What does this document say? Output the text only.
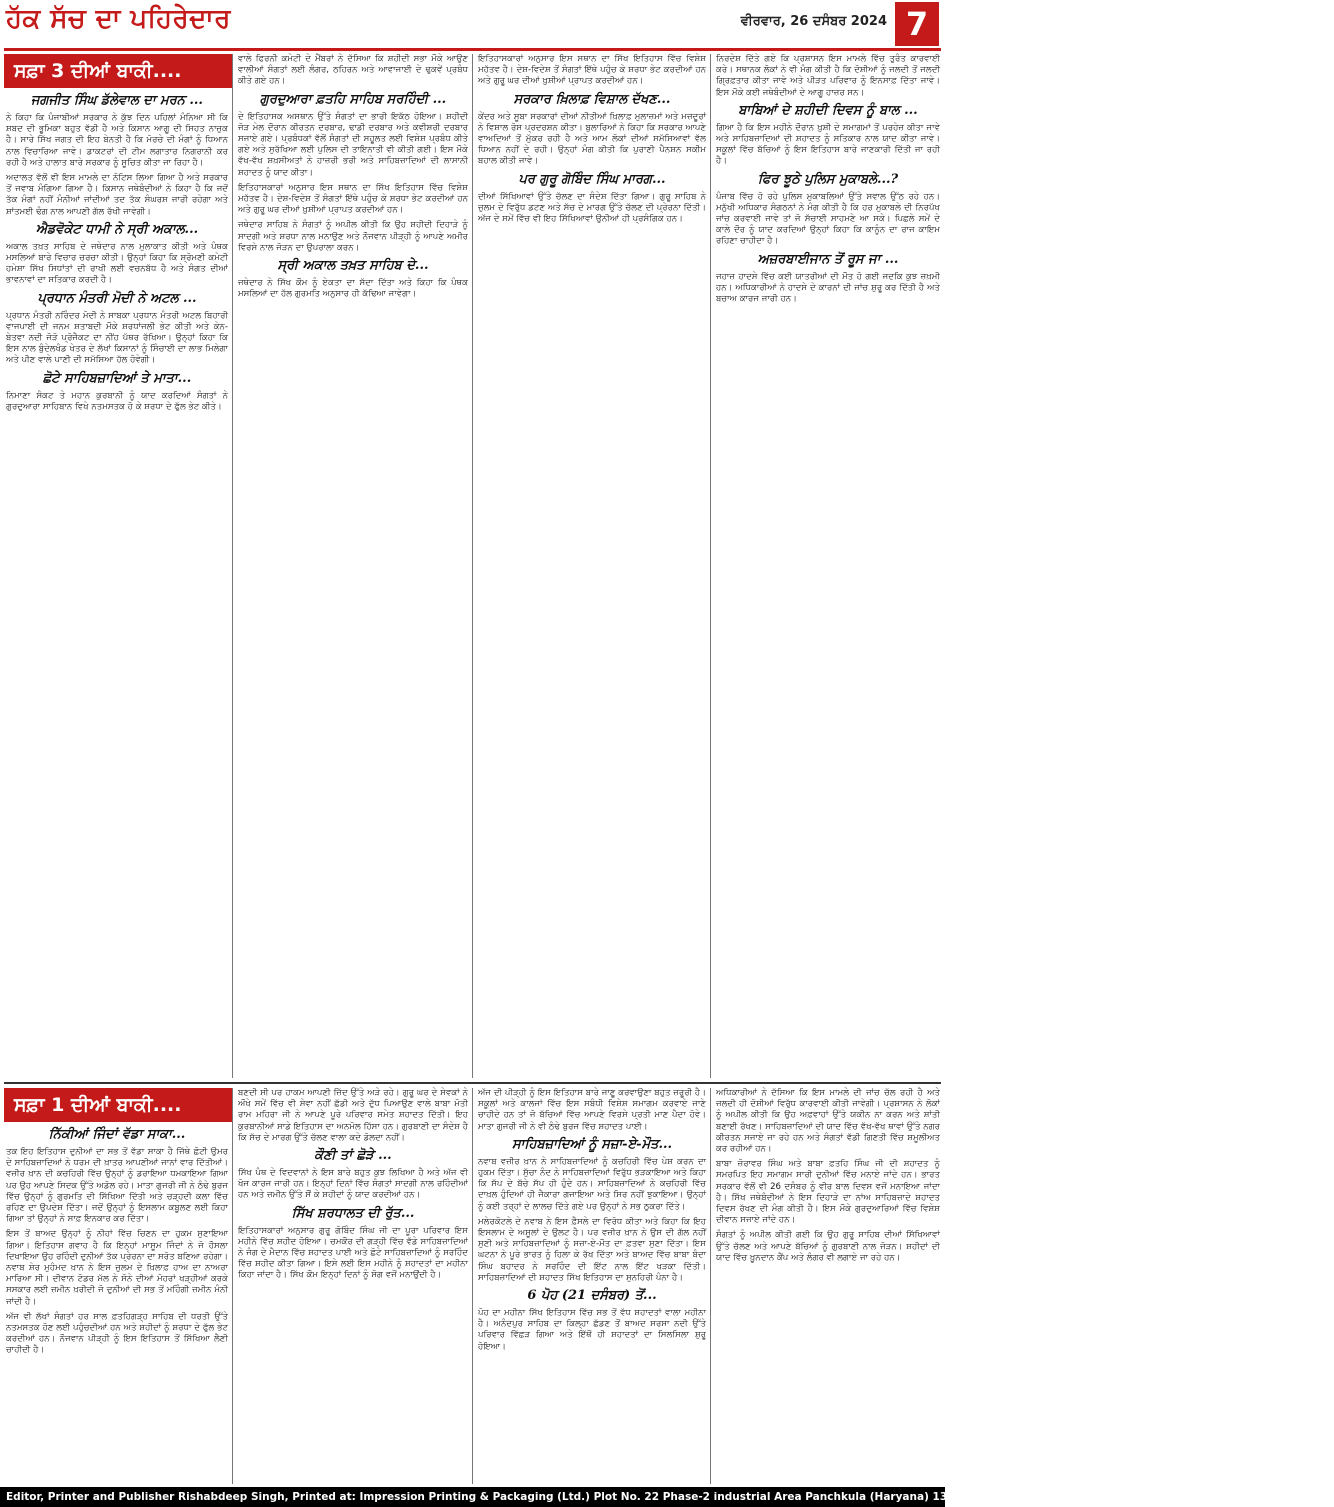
ਹੱਕ ਸੱਚ ਦਾ ਪਹਿਰੇਦਾਰ	ਵੀਰਵਾਰ, 26 ਦਸੰਬਰ 2024 7
ਸਫ਼ਾ 3 ਦੀਆਂ ਬਾਕੀ....
ਜਗਜੀਤ ਸਿੰਘ ਡੱਲੇਵਾਲ ਦਾ ਮਰਨ ...

ਨੇ ਕਿਹਾ ਕਿ ਪੰਜਾਬੀਆਂ ਸਰਕਾਰ ਨੇ ਕੁੱਝ ਦਿਨ ਪਹਿਲਾਂ ਮੰਨਿਆ ਸੀ ਕਿ ਸ਼ਬਦ ਦੀ ਭੂਮਿਕਾ ਬਹੁਤ ਵੱਡੀ ਹੈ ਅਤੇ ਕਿਸਾਨ ਆਗੂ ਦੀ ਸਿਹਤ ਨਾਜ਼ੁਕ ਹੈ। ਸਾਰੇ ਸਿੱਖ ਜਗਤ ਦੀ ਇਹ ਬੇਨਤੀ ਹੈ ਕਿ ਮੋਰਚੇ ਦੀ ਮੰਗਾਂ ਨੂੰ ਧਿਆਨ ਨਾਲ ਵਿਚਾਰਿਆ ਜਾਵੇ। ਡਾਕਟਰਾਂ ਦੀ ਟੀਮ ਲਗਾਤਾਰ ਨਿਗਰਾਨੀ ਕਰ ਰਹੀ ਹੈ ਅਤੇ ਹਾਲਾਤ ਬਾਰੇ ਸਰਕਾਰ ਨੂੰ ਸੂਚਿਤ ਕੀਤਾ ਜਾ ਰਿਹਾ ਹੈ।

ਅਦਾਲਤ ਵੱਲੋਂ ਵੀ ਇਸ ਮਾਮਲੇ ਦਾ ਨੋਟਿਸ ਲਿਆ ਗਿਆ ਹੈ ਅਤੇ ਸਰਕਾਰ ਤੋਂ ਜਵਾਬ ਮੰਗਿਆ ਗਿਆ ਹੈ। ਕਿਸਾਨ ਜਥੇਬੰਦੀਆਂ ਨੇ ਕਿਹਾ ਹੈ ਕਿ ਜਦੋਂ ਤੱਕ ਮੰਗਾਂ ਨਹੀਂ ਮੰਨੀਆਂ ਜਾਂਦੀਆਂ ਤਦ ਤੱਕ ਸੰਘਰਸ਼ ਜਾਰੀ ਰਹੇਗਾ ਅਤੇ ਸ਼ਾਂਤਮਈ ਢੰਗ ਨਾਲ ਆਪਣੀ ਗੱਲ ਰੱਖੀ ਜਾਵੇਗੀ।

ਐਡਵੋਕੇਟ ਧਾਮੀ ਨੇ ਸ੍ਰੀ ਅਕਾਲ...

ਅਕਾਲ ਤਖ਼ਤ ਸਾਹਿਬ ਦੇ ਜਥੇਦਾਰ ਨਾਲ ਮੁਲਾਕਾਤ ਕੀਤੀ ਅਤੇ ਪੰਥਕ ਮਸਲਿਆਂ ਬਾਰੇ ਵਿਚਾਰ ਚਰਚਾ ਕੀਤੀ। ਉਨ੍ਹਾਂ ਕਿਹਾ ਕਿ ਸ਼੍ਰੋਮਣੀ ਕਮੇਟੀ ਹਮੇਸ਼ਾ ਸਿੱਖ ਸਿਧਾਂਤਾਂ ਦੀ ਰਾਖੀ ਲਈ ਵਚਨਬੱਧ ਹੈ ਅਤੇ ਸੰਗਤ ਦੀਆਂ ਭਾਵਨਾਵਾਂ ਦਾ ਸਤਿਕਾਰ ਕਰਦੀ ਹੈ।

ਪ੍ਰਧਾਨ ਮੰਤਰੀ ਮੋਦੀ ਨੇ ਅਟਲ ...

ਪ੍ਰਧਾਨ ਮੰਤਰੀ ਨਰਿੰਦਰ ਮੋਦੀ ਨੇ ਸਾਬਕਾ ਪ੍ਰਧਾਨ ਮੰਤਰੀ ਅਟਲ ਬਿਹਾਰੀ ਵਾਜਪਾਈ ਦੀ ਜਨਮ ਸ਼ਤਾਬਦੀ ਮੌਕੇ ਸ਼ਰਧਾਂਜਲੀ ਭੇਟ ਕੀਤੀ ਅਤੇ ਕੇਨ-ਬੇਤਵਾ ਨਦੀ ਜੋੜੋ ਪ੍ਰੋਜੈਕਟ ਦਾ ਨੀਂਹ ਪੱਥਰ ਰੱਖਿਆ। ਉਨ੍ਹਾਂ ਕਿਹਾ ਕਿ ਇਸ ਨਾਲ ਬੁੰਦੇਲਖੰਡ ਖੇਤਰ ਦੇ ਲੱਖਾਂ ਕਿਸਾਨਾਂ ਨੂੰ ਸਿੰਚਾਈ ਦਾ ਲਾਭ ਮਿਲੇਗਾ ਅਤੇ ਪੀਣ ਵਾਲੇ ਪਾਣੀ ਦੀ ਸਮੱਸਿਆ ਹੱਲ ਹੋਵੇਗੀ।

ਛੋਟੇ ਸਾਹਿਬਜ਼ਾਦਿਆਂ ਤੇ ਮਾਤਾ...

ਨਿਮਾਣਾ ਸੰਕਟ ਤੇ ਮਹਾਨ ਕੁਰਬਾਨੀ ਨੂੰ ਯਾਦ ਕਰਦਿਆਂ ਸੰਗਤਾਂ ਨੇ ਗੁਰਦੁਆਰਾ ਸਾਹਿਬਾਨ ਵਿਖੇ ਨਤਮਸਤਕ ਹੋ ਕੇ ਸ਼ਰਧਾ ਦੇ ਫੁੱਲ ਭੇਟ ਕੀਤੇ।

ਵਾਲੇ ਫਿਰਨੀ ਕਮੇਟੀ ਦੇ ਮੈਂਬਰਾਂ ਨੇ ਦੱਸਿਆ ਕਿ ਸ਼ਹੀਦੀ ਸਭਾ ਮੌਕੇ ਆਉਣ ਵਾਲੀਆਂ ਸੰਗਤਾਂ ਲਈ ਲੰਗਰ, ਠਹਿਰਨ ਅਤੇ ਆਵਾਜਾਈ ਦੇ ਢੁਕਵੇਂ ਪ੍ਰਬੰਧ ਕੀਤੇ ਗਏ ਹਨ।

ਗੁਰਦੁਆਰਾ ਫ਼ਤਹਿ ਸਾਹਿਬ ਸਰਹਿੰਦੀ ...

ਦੇ ਇਤਿਹਾਸਕ ਅਸਥਾਨ ਉੱਤੇ ਸੰਗਤਾਂ ਦਾ ਭਾਰੀ ਇਕੱਠ ਹੋਇਆ। ਸ਼ਹੀਦੀ ਜੋੜ ਮੇਲ ਦੌਰਾਨ ਕੀਰਤਨ ਦਰਬਾਰ, ਢਾਡੀ ਦਰਬਾਰ ਅਤੇ ਕਵੀਸ਼ਰੀ ਦਰਬਾਰ ਸਜਾਏ ਗਏ। ਪ੍ਰਬੰਧਕਾਂ ਵੱਲੋਂ ਸੰਗਤਾਂ ਦੀ ਸਹੂਲਤ ਲਈ ਵਿਸ਼ੇਸ਼ ਪ੍ਰਬੰਧ ਕੀਤੇ ਗਏ ਅਤੇ ਸੁਰੱਖਿਆ ਲਈ ਪੁਲਿਸ ਦੀ ਤਾਇਨਾਤੀ ਵੀ ਕੀਤੀ ਗਈ। ਇਸ ਮੌਕੇ ਵੱਖ-ਵੱਖ ਸ਼ਖ਼ਸੀਅਤਾਂ ਨੇ ਹਾਜ਼ਰੀ ਭਰੀ ਅਤੇ ਸਾਹਿਬਜ਼ਾਦਿਆਂ ਦੀ ਲਾਸਾਨੀ ਸ਼ਹਾਦਤ ਨੂੰ ਯਾਦ ਕੀਤਾ।

ਇਤਿਹਾਸਕਾਰਾਂ ਅਨੁਸਾਰ ਇਸ ਸਥਾਨ ਦਾ ਸਿੱਖ ਇਤਿਹਾਸ ਵਿੱਚ ਵਿਸ਼ੇਸ਼ ਮਹੱਤਵ ਹੈ। ਦੇਸ਼-ਵਿਦੇਸ਼ ਤੋਂ ਸੰਗਤਾਂ ਇੱਥੇ ਪਹੁੰਚ ਕੇ ਸ਼ਰਧਾ ਭੇਟ ਕਰਦੀਆਂ ਹਨ ਅਤੇ ਗੁਰੂ ਘਰ ਦੀਆਂ ਖ਼ੁਸ਼ੀਆਂ ਪ੍ਰਾਪਤ ਕਰਦੀਆਂ ਹਨ।

ਜਥੇਦਾਰ ਸਾਹਿਬ ਨੇ ਸੰਗਤਾਂ ਨੂੰ ਅਪੀਲ ਕੀਤੀ ਕਿ ਉਹ ਸ਼ਹੀਦੀ ਦਿਹਾੜੇ ਨੂੰ ਸਾਦਗੀ ਅਤੇ ਸ਼ਰਧਾ ਨਾਲ ਮਨਾਉਣ ਅਤੇ ਨੌਜਵਾਨ ਪੀੜ੍ਹੀ ਨੂੰ ਆਪਣੇ ਅਮੀਰ ਵਿਰਸੇ ਨਾਲ ਜੋੜਨ ਦਾ ਉਪਰਾਲਾ ਕਰਨ।

ਸ੍ਰੀ ਅਕਾਲ ਤਖ਼ਤ ਸਾਹਿਬ ਦੇ...

ਜਥੇਦਾਰ ਨੇ ਸਿੱਖ ਕੌਮ ਨੂੰ ਏਕਤਾ ਦਾ ਸੱਦਾ ਦਿੱਤਾ ਅਤੇ ਕਿਹਾ ਕਿ ਪੰਥਕ ਮਸਲਿਆਂ ਦਾ ਹੱਲ ਗੁਰਮਤਿ ਅਨੁਸਾਰ ਹੀ ਕੱਢਿਆ ਜਾਵੇਗਾ।

ਇਤਿਹਾਸਕਾਰਾਂ ਅਨੁਸਾਰ ਇਸ ਸਥਾਨ ਦਾ ਸਿੱਖ ਇਤਿਹਾਸ ਵਿੱਚ ਵਿਸ਼ੇਸ਼ ਮਹੱਤਵ ਹੈ। ਦੇਸ਼-ਵਿਦੇਸ਼ ਤੋਂ ਸੰਗਤਾਂ ਇੱਥੇ ਪਹੁੰਚ ਕੇ ਸ਼ਰਧਾ ਭੇਟ ਕਰਦੀਆਂ ਹਨ ਅਤੇ ਗੁਰੂ ਘਰ ਦੀਆਂ ਖ਼ੁਸ਼ੀਆਂ ਪ੍ਰਾਪਤ ਕਰਦੀਆਂ ਹਨ।

ਸਰਕਾਰ ਖ਼ਿਲਾਫ਼ ਵਿਸ਼ਾਲ ਦੱਖਣ...

ਕੇਂਦਰ ਅਤੇ ਸੂਬਾ ਸਰਕਾਰਾਂ ਦੀਆਂ ਨੀਤੀਆਂ ਖ਼ਿਲਾਫ਼ ਮੁਲਾਜ਼ਮਾਂ ਅਤੇ ਮਜ਼ਦੂਰਾਂ ਨੇ ਵਿਸ਼ਾਲ ਰੋਸ ਪ੍ਰਦਰਸ਼ਨ ਕੀਤਾ। ਬੁਲਾਰਿਆਂ ਨੇ ਕਿਹਾ ਕਿ ਸਰਕਾਰ ਆਪਣੇ ਵਾਅਦਿਆਂ ਤੋਂ ਮੁੱਕਰ ਰਹੀ ਹੈ ਅਤੇ ਆਮ ਲੋਕਾਂ ਦੀਆਂ ਸਮੱਸਿਆਵਾਂ ਵੱਲ ਧਿਆਨ ਨਹੀਂ ਦੇ ਰਹੀ। ਉਨ੍ਹਾਂ ਮੰਗ ਕੀਤੀ ਕਿ ਪੁਰਾਣੀ ਪੈਨਸ਼ਨ ਸਕੀਮ ਬਹਾਲ ਕੀਤੀ ਜਾਵੇ।

ਪਰ ਗੁਰੂ ਗੋਬਿੰਦ ਸਿੰਘ ਮਾਰਗ...

ਦੀਆਂ ਸਿੱਖਿਆਵਾਂ ਉੱਤੇ ਚੱਲਣ ਦਾ ਸੰਦੇਸ਼ ਦਿੱਤਾ ਗਿਆ। ਗੁਰੂ ਸਾਹਿਬ ਨੇ ਜ਼ੁਲਮ ਦੇ ਵਿਰੁੱਧ ਡਟਣ ਅਤੇ ਸੱਚ ਦੇ ਮਾਰਗ ਉੱਤੇ ਚੱਲਣ ਦੀ ਪ੍ਰੇਰਨਾ ਦਿੱਤੀ। ਅੱਜ ਦੇ ਸਮੇਂ ਵਿੱਚ ਵੀ ਇਹ ਸਿੱਖਿਆਵਾਂ ਉਨੀਆਂ ਹੀ ਪ੍ਰਸੰਗਿਕ ਹਨ।

ਨਿਰਦੇਸ਼ ਦਿੱਤੇ ਗਏ ਕਿ ਪ੍ਰਸ਼ਾਸਨ ਇਸ ਮਾਮਲੇ ਵਿੱਚ ਤੁਰੰਤ ਕਾਰਵਾਈ ਕਰੇ। ਸਥਾਨਕ ਲੋਕਾਂ ਨੇ ਵੀ ਮੰਗ ਕੀਤੀ ਹੈ ਕਿ ਦੋਸ਼ੀਆਂ ਨੂੰ ਜਲਦੀ ਤੋਂ ਜਲਦੀ ਗ੍ਰਿਫ਼ਤਾਰ ਕੀਤਾ ਜਾਵੇ ਅਤੇ ਪੀੜਤ ਪਰਿਵਾਰ ਨੂੰ ਇਨਸਾਫ਼ ਦਿੱਤਾ ਜਾਵੇ। ਇਸ ਮੌਕੇ ਕਈ ਜਥੇਬੰਦੀਆਂ ਦੇ ਆਗੂ ਹਾਜ਼ਰ ਸਨ।

ਬਾਬਿਆਂ ਦੇ ਸ਼ਹੀਦੀ ਦਿਵਸ ਨੂੰ ਬਾਲ ...

ਗਿਆ ਹੈ ਕਿ ਇਸ ਮਹੀਨੇ ਦੌਰਾਨ ਖ਼ੁਸ਼ੀ ਦੇ ਸਮਾਗਮਾਂ ਤੋਂ ਪਰਹੇਜ਼ ਕੀਤਾ ਜਾਵੇ ਅਤੇ ਸਾਹਿਬਜ਼ਾਦਿਆਂ ਦੀ ਸ਼ਹਾਦਤ ਨੂੰ ਸਤਿਕਾਰ ਨਾਲ ਯਾਦ ਕੀਤਾ ਜਾਵੇ। ਸਕੂਲਾਂ ਵਿੱਚ ਬੱਚਿਆਂ ਨੂੰ ਇਸ ਇਤਿਹਾਸ ਬਾਰੇ ਜਾਣਕਾਰੀ ਦਿੱਤੀ ਜਾ ਰਹੀ ਹੈ।

ਫਿਰ ਝੂਠੇ ਪੁਲਿਸ ਮੁਕਾਬਲੇ...?

ਪੰਜਾਬ ਵਿੱਚ ਹੋ ਰਹੇ ਪੁਲਿਸ ਮੁਕਾਬਲਿਆਂ ਉੱਤੇ ਸਵਾਲ ਉੱਠ ਰਹੇ ਹਨ। ਮਨੁੱਖੀ ਅਧਿਕਾਰ ਸੰਗਠਨਾਂ ਨੇ ਮੰਗ ਕੀਤੀ ਹੈ ਕਿ ਹਰ ਮੁਕਾਬਲੇ ਦੀ ਨਿਰਪੱਖ ਜਾਂਚ ਕਰਵਾਈ ਜਾਵੇ ਤਾਂ ਜੋ ਸੱਚਾਈ ਸਾਹਮਣੇ ਆ ਸਕੇ। ਪਿਛਲੇ ਸਮੇਂ ਦੇ ਕਾਲੇ ਦੌਰ ਨੂੰ ਯਾਦ ਕਰਦਿਆਂ ਉਨ੍ਹਾਂ ਕਿਹਾ ਕਿ ਕਾਨੂੰਨ ਦਾ ਰਾਜ ਕਾਇਮ ਰਹਿਣਾ ਚਾਹੀਦਾ ਹੈ।

ਅਜ਼ਰਬਾਈਜਾਨ ਤੋਂ ਰੂਸ ਜਾ ...

ਜਹਾਜ਼ ਹਾਦਸੇ ਵਿੱਚ ਕਈ ਯਾਤਰੀਆਂ ਦੀ ਮੌਤ ਹੋ ਗਈ ਜਦਕਿ ਕੁਝ ਜ਼ਖ਼ਮੀ ਹਨ। ਅਧਿਕਾਰੀਆਂ ਨੇ ਹਾਦਸੇ ਦੇ ਕਾਰਨਾਂ ਦੀ ਜਾਂਚ ਸ਼ੁਰੂ ਕਰ ਦਿੱਤੀ ਹੈ ਅਤੇ ਬਚਾਅ ਕਾਰਜ ਜਾਰੀ ਹਨ।

ਸਫ਼ਾ 1 ਦੀਆਂ ਬਾਕੀ....
ਨਿੱਕੀਆਂ ਜਿੰਦਾਂ ਵੱਡਾ ਸਾਕਾ...

ਤਕ ਇਹ ਇਤਿਹਾਸ ਦੁਨੀਆਂ ਦਾ ਸਭ ਤੋਂ ਵੱਡਾ ਸਾਕਾ ਹੈ ਜਿੱਥੇ ਛੋਟੀ ਉਮਰ ਦੇ ਸਾਹਿਬਜ਼ਾਦਿਆਂ ਨੇ ਧਰਮ ਦੀ ਖ਼ਾਤਰ ਆਪਣੀਆਂ ਜਾਨਾਂ ਵਾਰ ਦਿੱਤੀਆਂ। ਵਜ਼ੀਰ ਖ਼ਾਨ ਦੀ ਕਚਹਿਰੀ ਵਿੱਚ ਉਨ੍ਹਾਂ ਨੂੰ ਡਰਾਇਆ ਧਮਕਾਇਆ ਗਿਆ ਪਰ ਉਹ ਆਪਣੇ ਸਿਦਕ ਉੱਤੇ ਅਡੋਲ ਰਹੇ। ਮਾਤਾ ਗੁਜਰੀ ਜੀ ਨੇ ਠੰਢੇ ਬੁਰਜ ਵਿੱਚ ਉਨ੍ਹਾਂ ਨੂੰ ਗੁਰਮਤਿ ਦੀ ਸਿੱਖਿਆ ਦਿੱਤੀ ਅਤੇ ਚੜ੍ਹਦੀ ਕਲਾ ਵਿੱਚ ਰਹਿਣ ਦਾ ਉਪਦੇਸ਼ ਦਿੱਤਾ। ਜਦੋਂ ਉਨ੍ਹਾਂ ਨੂੰ ਇਸਲਾਮ ਕਬੂਲਣ ਲਈ ਕਿਹਾ ਗਿਆ ਤਾਂ ਉਨ੍ਹਾਂ ਨੇ ਸਾਫ਼ ਇਨਕਾਰ ਕਰ ਦਿੱਤਾ।

ਇਸ ਤੋਂ ਬਾਅਦ ਉਨ੍ਹਾਂ ਨੂੰ ਨੀਹਾਂ ਵਿੱਚ ਚਿਣਨ ਦਾ ਹੁਕਮ ਸੁਣਾਇਆ ਗਿਆ। ਇਤਿਹਾਸ ਗਵਾਹ ਹੈ ਕਿ ਇਨ੍ਹਾਂ ਮਾਸੂਮ ਜਿੰਦਾਂ ਨੇ ਜੋ ਹੌਸਲਾ ਦਿਖਾਇਆ ਉਹ ਰਹਿੰਦੀ ਦੁਨੀਆਂ ਤੱਕ ਪ੍ਰੇਰਨਾ ਦਾ ਸਰੋਤ ਬਣਿਆ ਰਹੇਗਾ। ਨਵਾਬ ਸ਼ੇਰ ਮੁਹੰਮਦ ਖ਼ਾਨ ਨੇ ਇਸ ਜ਼ੁਲਮ ਦੇ ਖ਼ਿਲਾਫ਼ ਹਾਅ ਦਾ ਨਾਅਰਾ ਮਾਰਿਆ ਸੀ। ਦੀਵਾਨ ਟੋਡਰ ਮੱਲ ਨੇ ਸੋਨੇ ਦੀਆਂ ਮੋਹਰਾਂ ਖੜ੍ਹੀਆਂ ਕਰਕੇ ਸਸਕਾਰ ਲਈ ਜ਼ਮੀਨ ਖ਼ਰੀਦੀ ਜੋ ਦੁਨੀਆਂ ਦੀ ਸਭ ਤੋਂ ਮਹਿੰਗੀ ਜ਼ਮੀਨ ਮੰਨੀ ਜਾਂਦੀ ਹੈ।

ਅੱਜ ਵੀ ਲੱਖਾਂ ਸੰਗਤਾਂ ਹਰ ਸਾਲ ਫ਼ਤਹਿਗੜ੍ਹ ਸਾਹਿਬ ਦੀ ਧਰਤੀ ਉੱਤੇ ਨਤਮਸਤਕ ਹੋਣ ਲਈ ਪਹੁੰਚਦੀਆਂ ਹਨ ਅਤੇ ਸ਼ਹੀਦਾਂ ਨੂੰ ਸ਼ਰਧਾ ਦੇ ਫੁੱਲ ਭੇਟ ਕਰਦੀਆਂ ਹਨ। ਨੌਜਵਾਨ ਪੀੜ੍ਹੀ ਨੂੰ ਇਸ ਇਤਿਹਾਸ ਤੋਂ ਸਿੱਖਿਆ ਲੈਣੀ ਚਾਹੀਦੀ ਹੈ।

ਬਣਦੀ ਸੀ ਪਰ ਹਾਕਮ ਆਪਣੀ ਜ਼ਿੱਦ ਉੱਤੇ ਅੜੇ ਰਹੇ। ਗੁਰੂ ਘਰ ਦੇ ਸੇਵਕਾਂ ਨੇ ਔਖੇ ਸਮੇਂ ਵਿੱਚ ਵੀ ਸੇਵਾ ਨਹੀਂ ਛੱਡੀ ਅਤੇ ਦੁੱਧ ਪਿਆਉਣ ਵਾਲੇ ਬਾਬਾ ਮੋਤੀ ਰਾਮ ਮਹਿਰਾ ਜੀ ਨੇ ਆਪਣੇ ਪੂਰੇ ਪਰਿਵਾਰ ਸਮੇਤ ਸ਼ਹਾਦਤ ਦਿੱਤੀ। ਇਹ ਕੁਰਬਾਨੀਆਂ ਸਾਡੇ ਇਤਿਹਾਸ ਦਾ ਅਨਮੋਲ ਹਿੱਸਾ ਹਨ। ਗੁਰਬਾਣੀ ਦਾ ਸੰਦੇਸ਼ ਹੈ ਕਿ ਸੱਚ ਦੇ ਮਾਰਗ ਉੱਤੇ ਚੱਲਣ ਵਾਲਾ ਕਦੇ ਡੋਲਦਾ ਨਹੀਂ।

ਕੌਣੀ ਤਾਂ ਛੋੜੇ ...

ਸਿੱਖ ਪੰਥ ਦੇ ਵਿਦਵਾਨਾਂ ਨੇ ਇਸ ਬਾਰੇ ਬਹੁਤ ਕੁਝ ਲਿਖਿਆ ਹੈ ਅਤੇ ਅੱਜ ਵੀ ਖੋਜ ਕਾਰਜ ਜਾਰੀ ਹਨ। ਇਨ੍ਹਾਂ ਦਿਨਾਂ ਵਿੱਚ ਸੰਗਤਾਂ ਸਾਦਗੀ ਨਾਲ ਰਹਿੰਦੀਆਂ ਹਨ ਅਤੇ ਜ਼ਮੀਨ ਉੱਤੇ ਸੌਂ ਕੇ ਸ਼ਹੀਦਾਂ ਨੂੰ ਯਾਦ ਕਰਦੀਆਂ ਹਨ।

ਸਿੱਖ ਸ਼ਰਧਾਲਤ ਦੀ ਰੁੱਤ...

ਇਤਿਹਾਸਕਾਰਾਂ ਅਨੁਸਾਰ ਗੁਰੂ ਗੋਬਿੰਦ ਸਿੰਘ ਜੀ ਦਾ ਪੂਰਾ ਪਰਿਵਾਰ ਇਸ ਮਹੀਨੇ ਵਿੱਚ ਸ਼ਹੀਦ ਹੋਇਆ। ਚਮਕੌਰ ਦੀ ਗੜ੍ਹੀ ਵਿੱਚ ਵੱਡੇ ਸਾਹਿਬਜ਼ਾਦਿਆਂ ਨੇ ਜੰਗ ਦੇ ਮੈਦਾਨ ਵਿੱਚ ਸ਼ਹਾਦਤ ਪਾਈ ਅਤੇ ਛੋਟੇ ਸਾਹਿਬਜ਼ਾਦਿਆਂ ਨੂੰ ਸਰਹਿੰਦ ਵਿੱਚ ਸ਼ਹੀਦ ਕੀਤਾ ਗਿਆ। ਇਸੇ ਲਈ ਇਸ ਮਹੀਨੇ ਨੂੰ ਸ਼ਹਾਦਤਾਂ ਦਾ ਮਹੀਨਾ ਕਿਹਾ ਜਾਂਦਾ ਹੈ। ਸਿੱਖ ਕੌਮ ਇਨ੍ਹਾਂ ਦਿਨਾਂ ਨੂੰ ਸੋਗ ਵਜੋਂ ਮਨਾਉਂਦੀ ਹੈ।

ਅੱਜ ਦੀ ਪੀੜ੍ਹੀ ਨੂੰ ਇਸ ਇਤਿਹਾਸ ਬਾਰੇ ਜਾਣੂ ਕਰਵਾਉਣਾ ਬਹੁਤ ਜ਼ਰੂਰੀ ਹੈ। ਸਕੂਲਾਂ ਅਤੇ ਕਾਲਜਾਂ ਵਿੱਚ ਇਸ ਸਬੰਧੀ ਵਿਸ਼ੇਸ਼ ਸਮਾਗਮ ਕਰਵਾਏ ਜਾਣੇ ਚਾਹੀਦੇ ਹਨ ਤਾਂ ਜੋ ਬੱਚਿਆਂ ਵਿੱਚ ਆਪਣੇ ਵਿਰਸੇ ਪ੍ਰਤੀ ਮਾਣ ਪੈਦਾ ਹੋਵੇ। ਮਾਤਾ ਗੁਜਰੀ ਜੀ ਨੇ ਵੀ ਠੰਢੇ ਬੁਰਜ ਵਿੱਚ ਸ਼ਹਾਦਤ ਪਾਈ।

ਸਾਹਿਬਜ਼ਾਦਿਆਂ ਨੂੰ ਸਜ਼ਾ-ਏ-ਮੌਤ...

ਨਵਾਬ ਵਜ਼ੀਰ ਖ਼ਾਨ ਨੇ ਸਾਹਿਬਜ਼ਾਦਿਆਂ ਨੂੰ ਕਚਹਿਰੀ ਵਿੱਚ ਪੇਸ਼ ਕਰਨ ਦਾ ਹੁਕਮ ਦਿੱਤਾ। ਸੁੱਚਾ ਨੰਦ ਨੇ ਸਾਹਿਬਜ਼ਾਦਿਆਂ ਵਿਰੁੱਧ ਭੜਕਾਇਆ ਅਤੇ ਕਿਹਾ ਕਿ ਸੱਪ ਦੇ ਬੱਚੇ ਸੱਪ ਹੀ ਹੁੰਦੇ ਹਨ। ਸਾਹਿਬਜ਼ਾਦਿਆਂ ਨੇ ਕਚਹਿਰੀ ਵਿੱਚ ਦਾਖ਼ਲ ਹੁੰਦਿਆਂ ਹੀ ਜੈਕਾਰਾ ਗਜਾਇਆ ਅਤੇ ਸਿਰ ਨਹੀਂ ਝੁਕਾਇਆ। ਉਨ੍ਹਾਂ ਨੂੰ ਕਈ ਤਰ੍ਹਾਂ ਦੇ ਲਾਲਚ ਦਿੱਤੇ ਗਏ ਪਰ ਉਨ੍ਹਾਂ ਨੇ ਸਭ ਠੁਕਰਾ ਦਿੱਤੇ।

ਮਲੇਰਕੋਟਲੇ ਦੇ ਨਵਾਬ ਨੇ ਇਸ ਫ਼ੈਸਲੇ ਦਾ ਵਿਰੋਧ ਕੀਤਾ ਅਤੇ ਕਿਹਾ ਕਿ ਇਹ ਇਸਲਾਮ ਦੇ ਅਸੂਲਾਂ ਦੇ ਉਲਟ ਹੈ। ਪਰ ਵਜ਼ੀਰ ਖ਼ਾਨ ਨੇ ਉਸ ਦੀ ਗੱਲ ਨਹੀਂ ਸੁਣੀ ਅਤੇ ਸਾਹਿਬਜ਼ਾਦਿਆਂ ਨੂੰ ਸਜ਼ਾ-ਏ-ਮੌਤ ਦਾ ਫ਼ਤਵਾ ਸੁਣਾ ਦਿੱਤਾ। ਇਸ ਘਟਨਾ ਨੇ ਪੂਰੇ ਭਾਰਤ ਨੂੰ ਹਿਲਾ ਕੇ ਰੱਖ ਦਿੱਤਾ ਅਤੇ ਬਾਅਦ ਵਿੱਚ ਬਾਬਾ ਬੰਦਾ ਸਿੰਘ ਬਹਾਦਰ ਨੇ ਸਰਹਿੰਦ ਦੀ ਇੱਟ ਨਾਲ ਇੱਟ ਖੜਕਾ ਦਿੱਤੀ। ਸਾਹਿਬਜ਼ਾਦਿਆਂ ਦੀ ਸ਼ਹਾਦਤ ਸਿੱਖ ਇਤਿਹਾਸ ਦਾ ਸੁਨਹਿਰੀ ਪੰਨਾ ਹੈ।

6 ਪੋਹ (21 ਦਸੰਬਰ) ਤੋਂ...

ਪੋਹ ਦਾ ਮਹੀਨਾ ਸਿੱਖ ਇਤਿਹਾਸ ਵਿੱਚ ਸਭ ਤੋਂ ਵੱਧ ਸ਼ਹਾਦਤਾਂ ਵਾਲਾ ਮਹੀਨਾ ਹੈ। ਅਨੰਦਪੁਰ ਸਾਹਿਬ ਦਾ ਕਿਲ੍ਹਾ ਛੱਡਣ ਤੋਂ ਬਾਅਦ ਸਰਸਾ ਨਦੀ ਉੱਤੇ ਪਰਿਵਾਰ ਵਿੱਛੜ ਗਿਆ ਅਤੇ ਇੱਥੋਂ ਹੀ ਸ਼ਹਾਦਤਾਂ ਦਾ ਸਿਲਸਿਲਾ ਸ਼ੁਰੂ ਹੋਇਆ।

ਅਧਿਕਾਰੀਆਂ ਨੇ ਦੱਸਿਆ ਕਿ ਇਸ ਮਾਮਲੇ ਦੀ ਜਾਂਚ ਚੱਲ ਰਹੀ ਹੈ ਅਤੇ ਜਲਦੀ ਹੀ ਦੋਸ਼ੀਆਂ ਵਿਰੁੱਧ ਕਾਰਵਾਈ ਕੀਤੀ ਜਾਵੇਗੀ। ਪ੍ਰਸ਼ਾਸਨ ਨੇ ਲੋਕਾਂ ਨੂੰ ਅਪੀਲ ਕੀਤੀ ਕਿ ਉਹ ਅਫ਼ਵਾਹਾਂ ਉੱਤੇ ਯਕੀਨ ਨਾ ਕਰਨ ਅਤੇ ਸ਼ਾਂਤੀ ਬਣਾਈ ਰੱਖਣ। ਸਾਹਿਬਜ਼ਾਦਿਆਂ ਦੀ ਯਾਦ ਵਿੱਚ ਵੱਖ-ਵੱਖ ਥਾਵਾਂ ਉੱਤੇ ਨਗਰ ਕੀਰਤਨ ਸਜਾਏ ਜਾ ਰਹੇ ਹਨ ਅਤੇ ਸੰਗਤਾਂ ਵੱਡੀ ਗਿਣਤੀ ਵਿੱਚ ਸ਼ਮੂਲੀਅਤ ਕਰ ਰਹੀਆਂ ਹਨ।

ਬਾਬਾ ਜ਼ੋਰਾਵਰ ਸਿੰਘ ਅਤੇ ਬਾਬਾ ਫ਼ਤਹਿ ਸਿੰਘ ਜੀ ਦੀ ਸ਼ਹਾਦਤ ਨੂੰ ਸਮਰਪਿਤ ਇਹ ਸਮਾਗਮ ਸਾਰੀ ਦੁਨੀਆਂ ਵਿੱਚ ਮਨਾਏ ਜਾਂਦੇ ਹਨ। ਭਾਰਤ ਸਰਕਾਰ ਵੱਲੋਂ ਵੀ 26 ਦਸੰਬਰ ਨੂੰ ਵੀਰ ਬਾਲ ਦਿਵਸ ਵਜੋਂ ਮਨਾਇਆ ਜਾਂਦਾ ਹੈ। ਸਿੱਖ ਜਥੇਬੰਦੀਆਂ ਨੇ ਇਸ ਦਿਹਾੜੇ ਦਾ ਨਾਂਅ ਸਾਹਿਬਜ਼ਾਦੇ ਸ਼ਹਾਦਤ ਦਿਵਸ ਰੱਖਣ ਦੀ ਮੰਗ ਕੀਤੀ ਹੈ। ਇਸ ਮੌਕੇ ਗੁਰਦੁਆਰਿਆਂ ਵਿੱਚ ਵਿਸ਼ੇਸ਼ ਦੀਵਾਨ ਸਜਾਏ ਜਾਂਦੇ ਹਨ।

ਸੰਗਤਾਂ ਨੂੰ ਅਪੀਲ ਕੀਤੀ ਗਈ ਕਿ ਉਹ ਗੁਰੂ ਸਾਹਿਬ ਦੀਆਂ ਸਿੱਖਿਆਵਾਂ ਉੱਤੇ ਚੱਲਣ ਅਤੇ ਆਪਣੇ ਬੱਚਿਆਂ ਨੂੰ ਗੁਰਬਾਣੀ ਨਾਲ ਜੋੜਨ। ਸ਼ਹੀਦਾਂ ਦੀ ਯਾਦ ਵਿੱਚ ਖ਼ੂਨਦਾਨ ਕੈਂਪ ਅਤੇ ਲੰਗਰ ਵੀ ਲਗਾਏ ਜਾ ਰਹੇ ਹਨ।

Editor, Printer and Publisher Rishabdeep Singh, Printed at: Impression Printing & Packaging (Ltd.) Plot No. 22 Phase-2 industrial Area Panchkula (Haryana) 134109 & Published From 3223, First Floor, Sector-35D, Chandigarh
